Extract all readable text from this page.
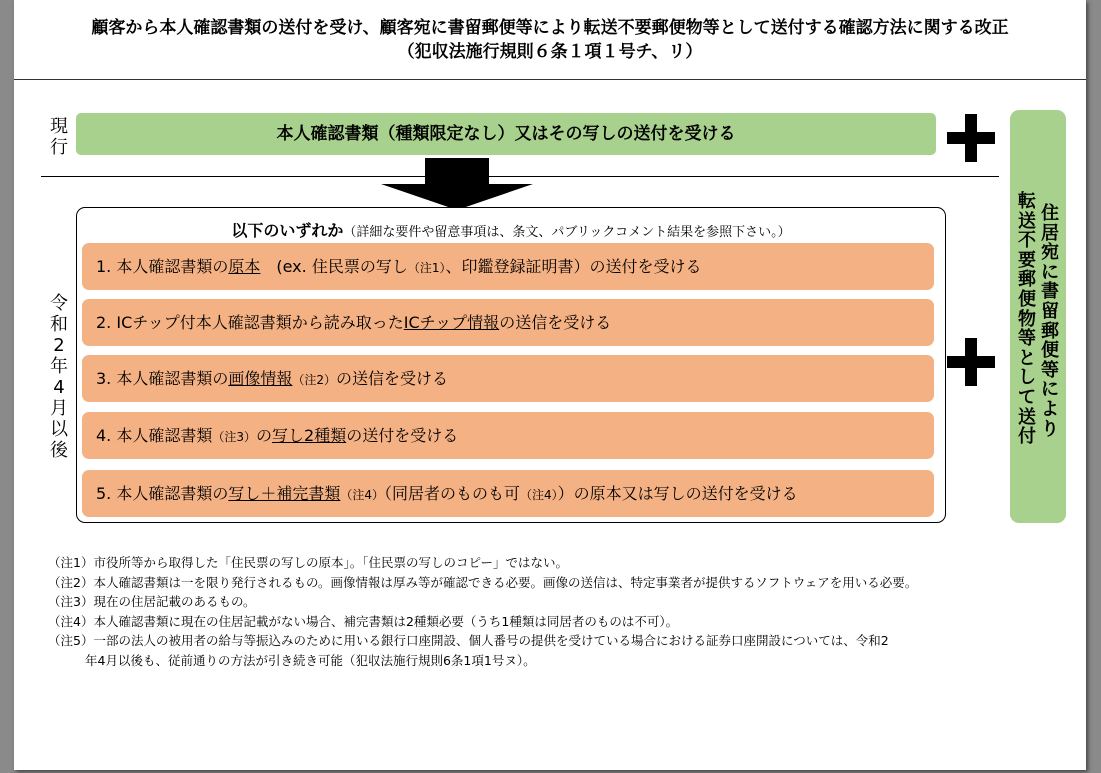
顧客から本人確認書類の送付を受け、顧客宛に書留郵便等により転送不要郵便物等として送付する確認方法に関する改正
（犯収法施行規則６条１項１号チ、リ）
現
行
本人確認書類（種類限定なし）又はその写しの送付を受ける
令
和
2
年
4
月
以
後
以下のいずれか（詳細な要件や留意事項は、条文、パブリックコメント結果を参照下さい。）
1. 本人確認書類の原本　(ex. 住民票の写し（注1）、印鑑登録証明書）の送付を受ける
2. ICチップ付本人確認書類から読み取ったICチップ情報の送信を受ける
3. 本人確認書類の画像情報（注2）の送信を受ける
4. 本人確認書類（注3）の写し2種類の送付を受ける
5. 本人確認書類の写し＋補完書類（注4）（同居者のものも可（注4））の原本又は写しの送付を受ける
住
居
宛
に
書
留
郵
便
等
に
よ
り
転
送
不
要
郵
便
物
等
と
し
て
送
付
（注1）市役所等から取得した「住民票の写しの原本」。「住民票の写しのコピー」ではない。
（注2）本人確認書類は一を限り発行されるもの。画像情報は厚み等が確認できる必要。画像の送信は、特定事業者が提供するソフトウェアを用いる必要。
（注3）現在の住居記載のあるもの。
（注4）本人確認書類に現在の住居記載がない場合、補完書類は2種類必要（うち1種類は同居者のものは不可）。
（注5）一部の法人の被用者の給与等振込みのために用いる銀行口座開設、個人番号の提供を受けている場合における証券口座開設については、令和2
年4月以後も、従前通りの方法が引き続き可能（犯収法施行規則6条1項1号ヌ）。
